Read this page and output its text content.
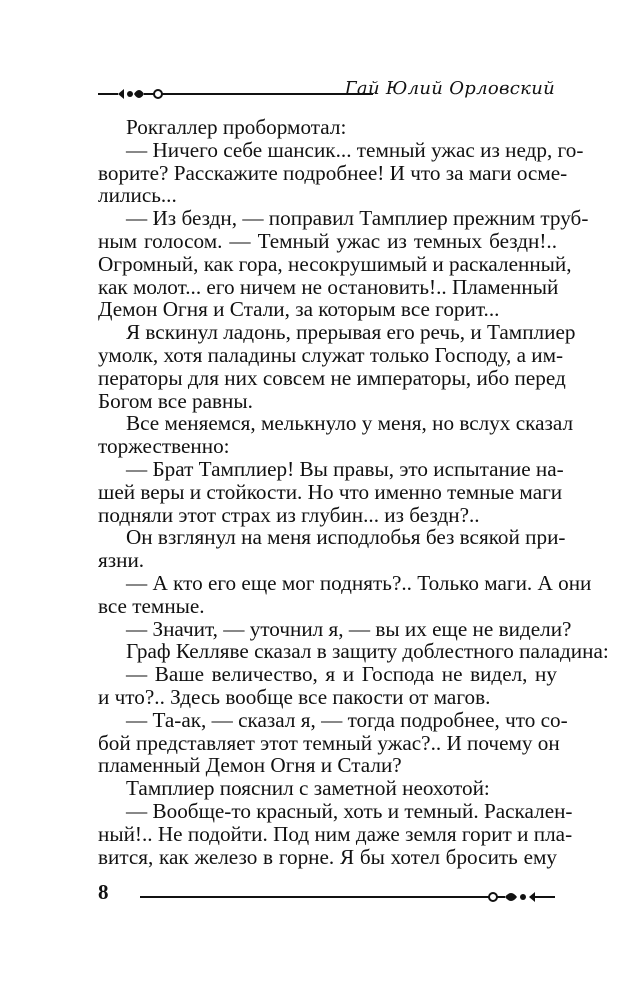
Гай Юлий Орловский
Рокгаллер пробормотал:
— Ничего себе шансик... темный ужас из недр, го-
ворите? Расскажите подробнее! И что за маги осме-
лились...
— Из бездн, — поправил Тамплиер прежним труб-
ным голосом. — Темный ужас из темных бездн!..
Огромный, как гора, несокрушимый и раскаленный,
как молот... его ничем не остановить!.. Пламенный
Демон Огня и Стали, за которым все горит...
Я вскинул ладонь, прерывая его речь, и Тамплиер
умолк, хотя паладины служат только Господу, а им-
ператоры для них совсем не императоры, ибо перед
Богом все равны.
Все меняемся, мелькнуло у меня, но вслух сказал
торжественно:
— Брат Тамплиер! Вы правы, это испытание на-
шей веры и стойкости. Но что именно темные маги
подняли этот страх из глубин... из бездн?..
Он взглянул на меня исподлобья без всякой при-
язни.
— А кто его еще мог поднять?.. Только маги. А они
все темные.
— Значит, — уточнил я, — вы их еще не видели?
Граф Келляве сказал в защиту доблестного паладина:
— Ваше величество, я и Господа не видел, ну
и что?.. Здесь вообще все пакости от магов.
— Та-ак, — сказал я, — тогда подробнее, что со-
бой представляет этот темный ужас?.. И почему он
пламенный Демон Огня и Стали?
Тамплиер пояснил с заметной неохотой:
— Вообще-то красный, хоть и темный. Раскален-
ный!.. Не подойти. Под ним даже земля горит и пла-
вится, как железо в горне. Я бы хотел бросить ему
8
